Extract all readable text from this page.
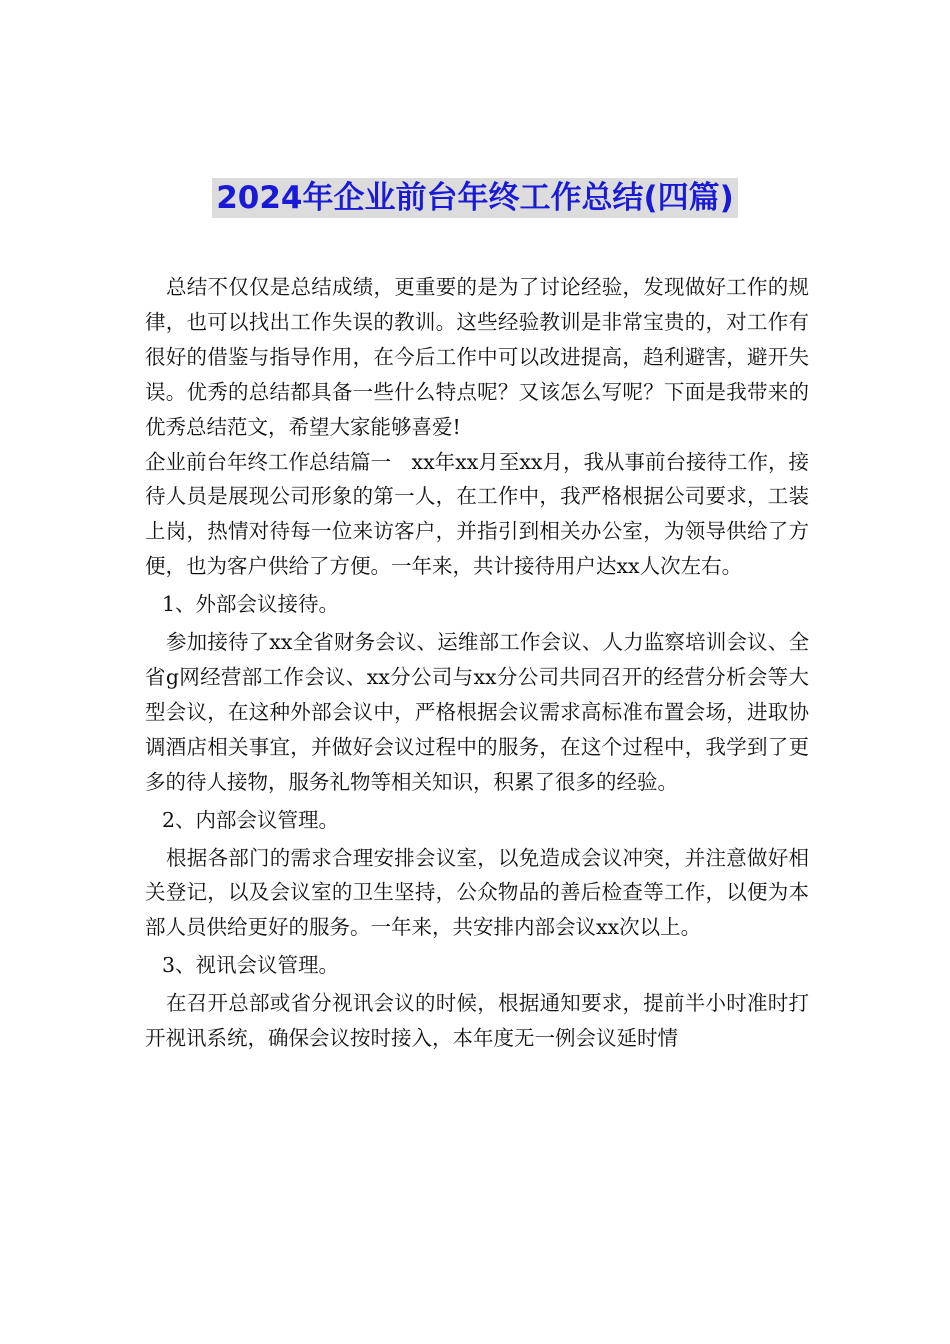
2024年企业前台年终工作总结(四篇)

总结不仅仅是总结成绩，更重要的是为了讨论经验，发现做好工作的规律，也可以找出工作失误的教训。这些经验教训是非常宝贵的，对工作有很好的借鉴与指导作用，在今后工作中可以改进提高，趋利避害，避开失误。优秀的总结都具备一些什么特点呢？又该怎么写呢？下面是我带来的优秀总结范文，希望大家能够喜爱!

企业前台年终工作总结篇一　xx年xx月至xx月，我从事前台接待工作，接待人员是展现公司形象的第一人，在工作中，我严格根据公司要求，工装上岗，热情对待每一位来访客户，并指引到相关办公室，为领导供给了方便，也为客户供给了方便。一年来，共计接待用户达xx人次左右。

1、外部会议接待。

参加接待了xx全省财务会议、运维部工作会议、人力监察培训会议、全省g网经营部工作会议、xx分公司与xx分公司共同召开的经营分析会等大型会议，在这种外部会议中，严格根据会议需求高标准布置会场，进取协调酒店相关事宜，并做好会议过程中的服务，在这个过程中，我学到了更多的待人接物，服务礼物等相关知识，积累了很多的经验。

2、内部会议管理。

根据各部门的需求合理安排会议室，以免造成会议冲突，并注意做好相关登记，以及会议室的卫生坚持，公众物品的善后检查等工作，以便为本部人员供给更好的服务。一年来，共安排内部会议xx次以上。

3、视讯会议管理。

在召开总部或省分视讯会议的时候，根据通知要求，提前半小时准时打开视讯系统，确保会议按时接入，本年度无一例会议延时情
